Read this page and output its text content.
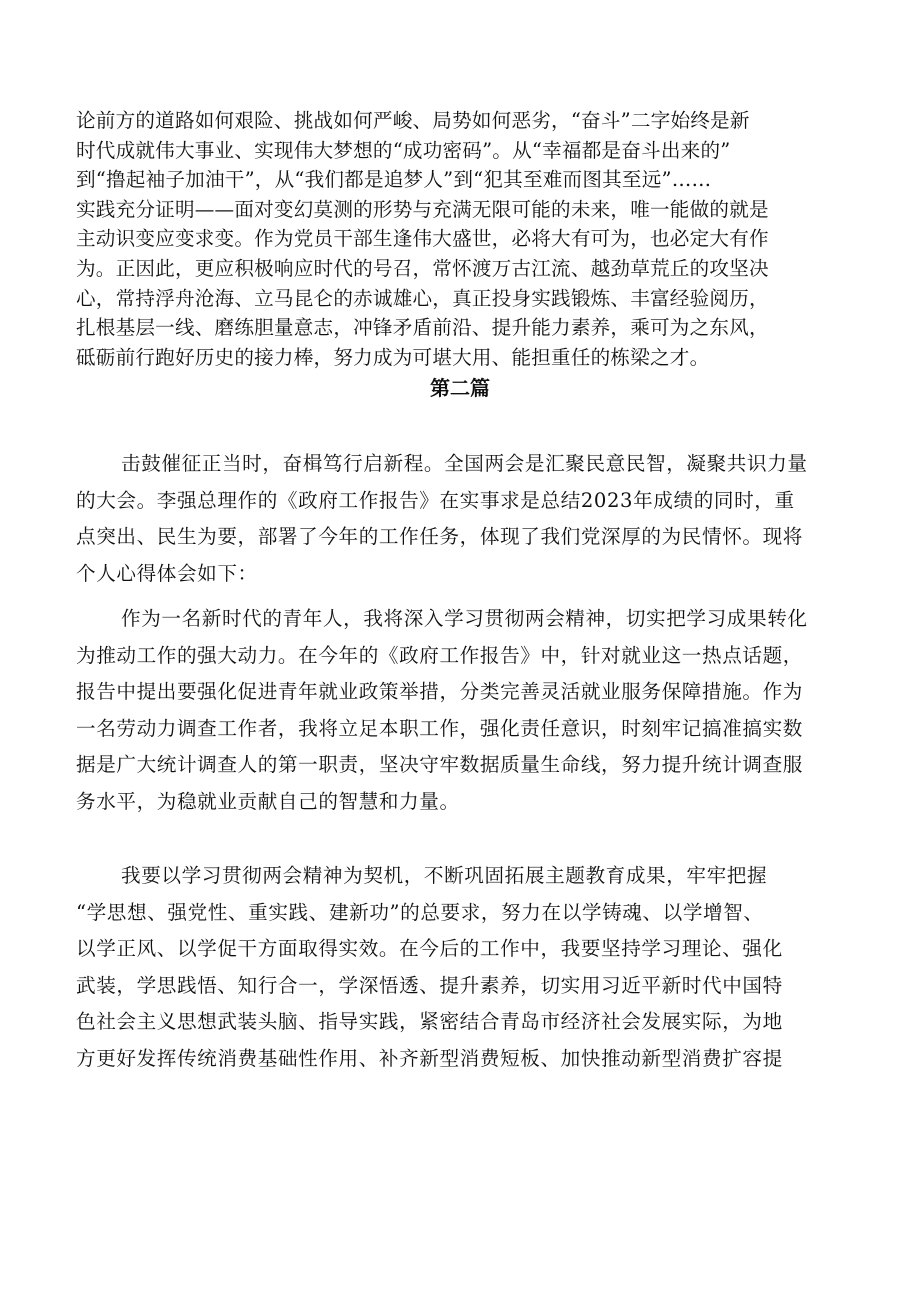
论前方的道路如何艰险、挑战如何严峻、局势如何恶劣，“奋斗”二字始终是新
时代成就伟大事业、实现伟大梦想的“成功密码”。从“幸福都是奋斗出来的”
到“撸起袖子加油干”，从“我们都是追梦人”到“犯其至难而图其至远”……
实践充分证明——面对变幻莫测的形势与充满无限可能的未来，唯一能做的就是
主动识变应变求变。作为党员干部生逢伟大盛世，必将大有可为，也必定大有作
为。正因此，更应积极响应时代的号召，常怀渡万古江流、越劲草荒丘的攻坚决
心，常持浮舟沧海、立马昆仑的赤诚雄心，真正投身实践锻炼、丰富经验阅历，
扎根基层一线、磨练胆量意志，冲锋矛盾前沿、提升能力素养，乘可为之东风，
砥砺前行跑好历史的接力棒，努力成为可堪大用、能担重任的栋梁之才。
第二篇
击鼓催征正当时，奋楫笃行启新程。全国两会是汇聚民意民智，凝聚共识力量
的大会。李强总理作的《政府工作报告》在实事求是总结2023年成绩的同时，重
点突出、民生为要，部署了今年的工作任务，体现了我们党深厚的为民情怀。现将
个人心得体会如下：
作为一名新时代的青年人，我将深入学习贯彻两会精神，切实把学习成果转化
为推动工作的强大动力。在今年的《政府工作报告》中，针对就业这一热点话题，
报告中提出要强化促进青年就业政策举措，分类完善灵活就业服务保障措施。作为
一名劳动力调查工作者，我将立足本职工作，强化责任意识，时刻牢记搞准搞实数
据是广大统计调查人的第一职责，坚决守牢数据质量生命线，努力提升统计调查服
务水平，为稳就业贡献自己的智慧和力量。
我要以学习贯彻两会精神为契机，不断巩固拓展主题教育成果，牢牢把握
“学思想、强党性、重实践、建新功”的总要求，努力在以学铸魂、以学增智、
以学正风、以学促干方面取得实效。在今后的工作中，我要坚持学习理论、强化
武装，学思践悟、知行合一，学深悟透、提升素养，切实用习近平新时代中国特
色社会主义思想武装头脑、指导实践，紧密结合青岛市经济社会发展实际，为地
方更好发挥传统消费基础性作用、补齐新型消费短板、加快推动新型消费扩容提
